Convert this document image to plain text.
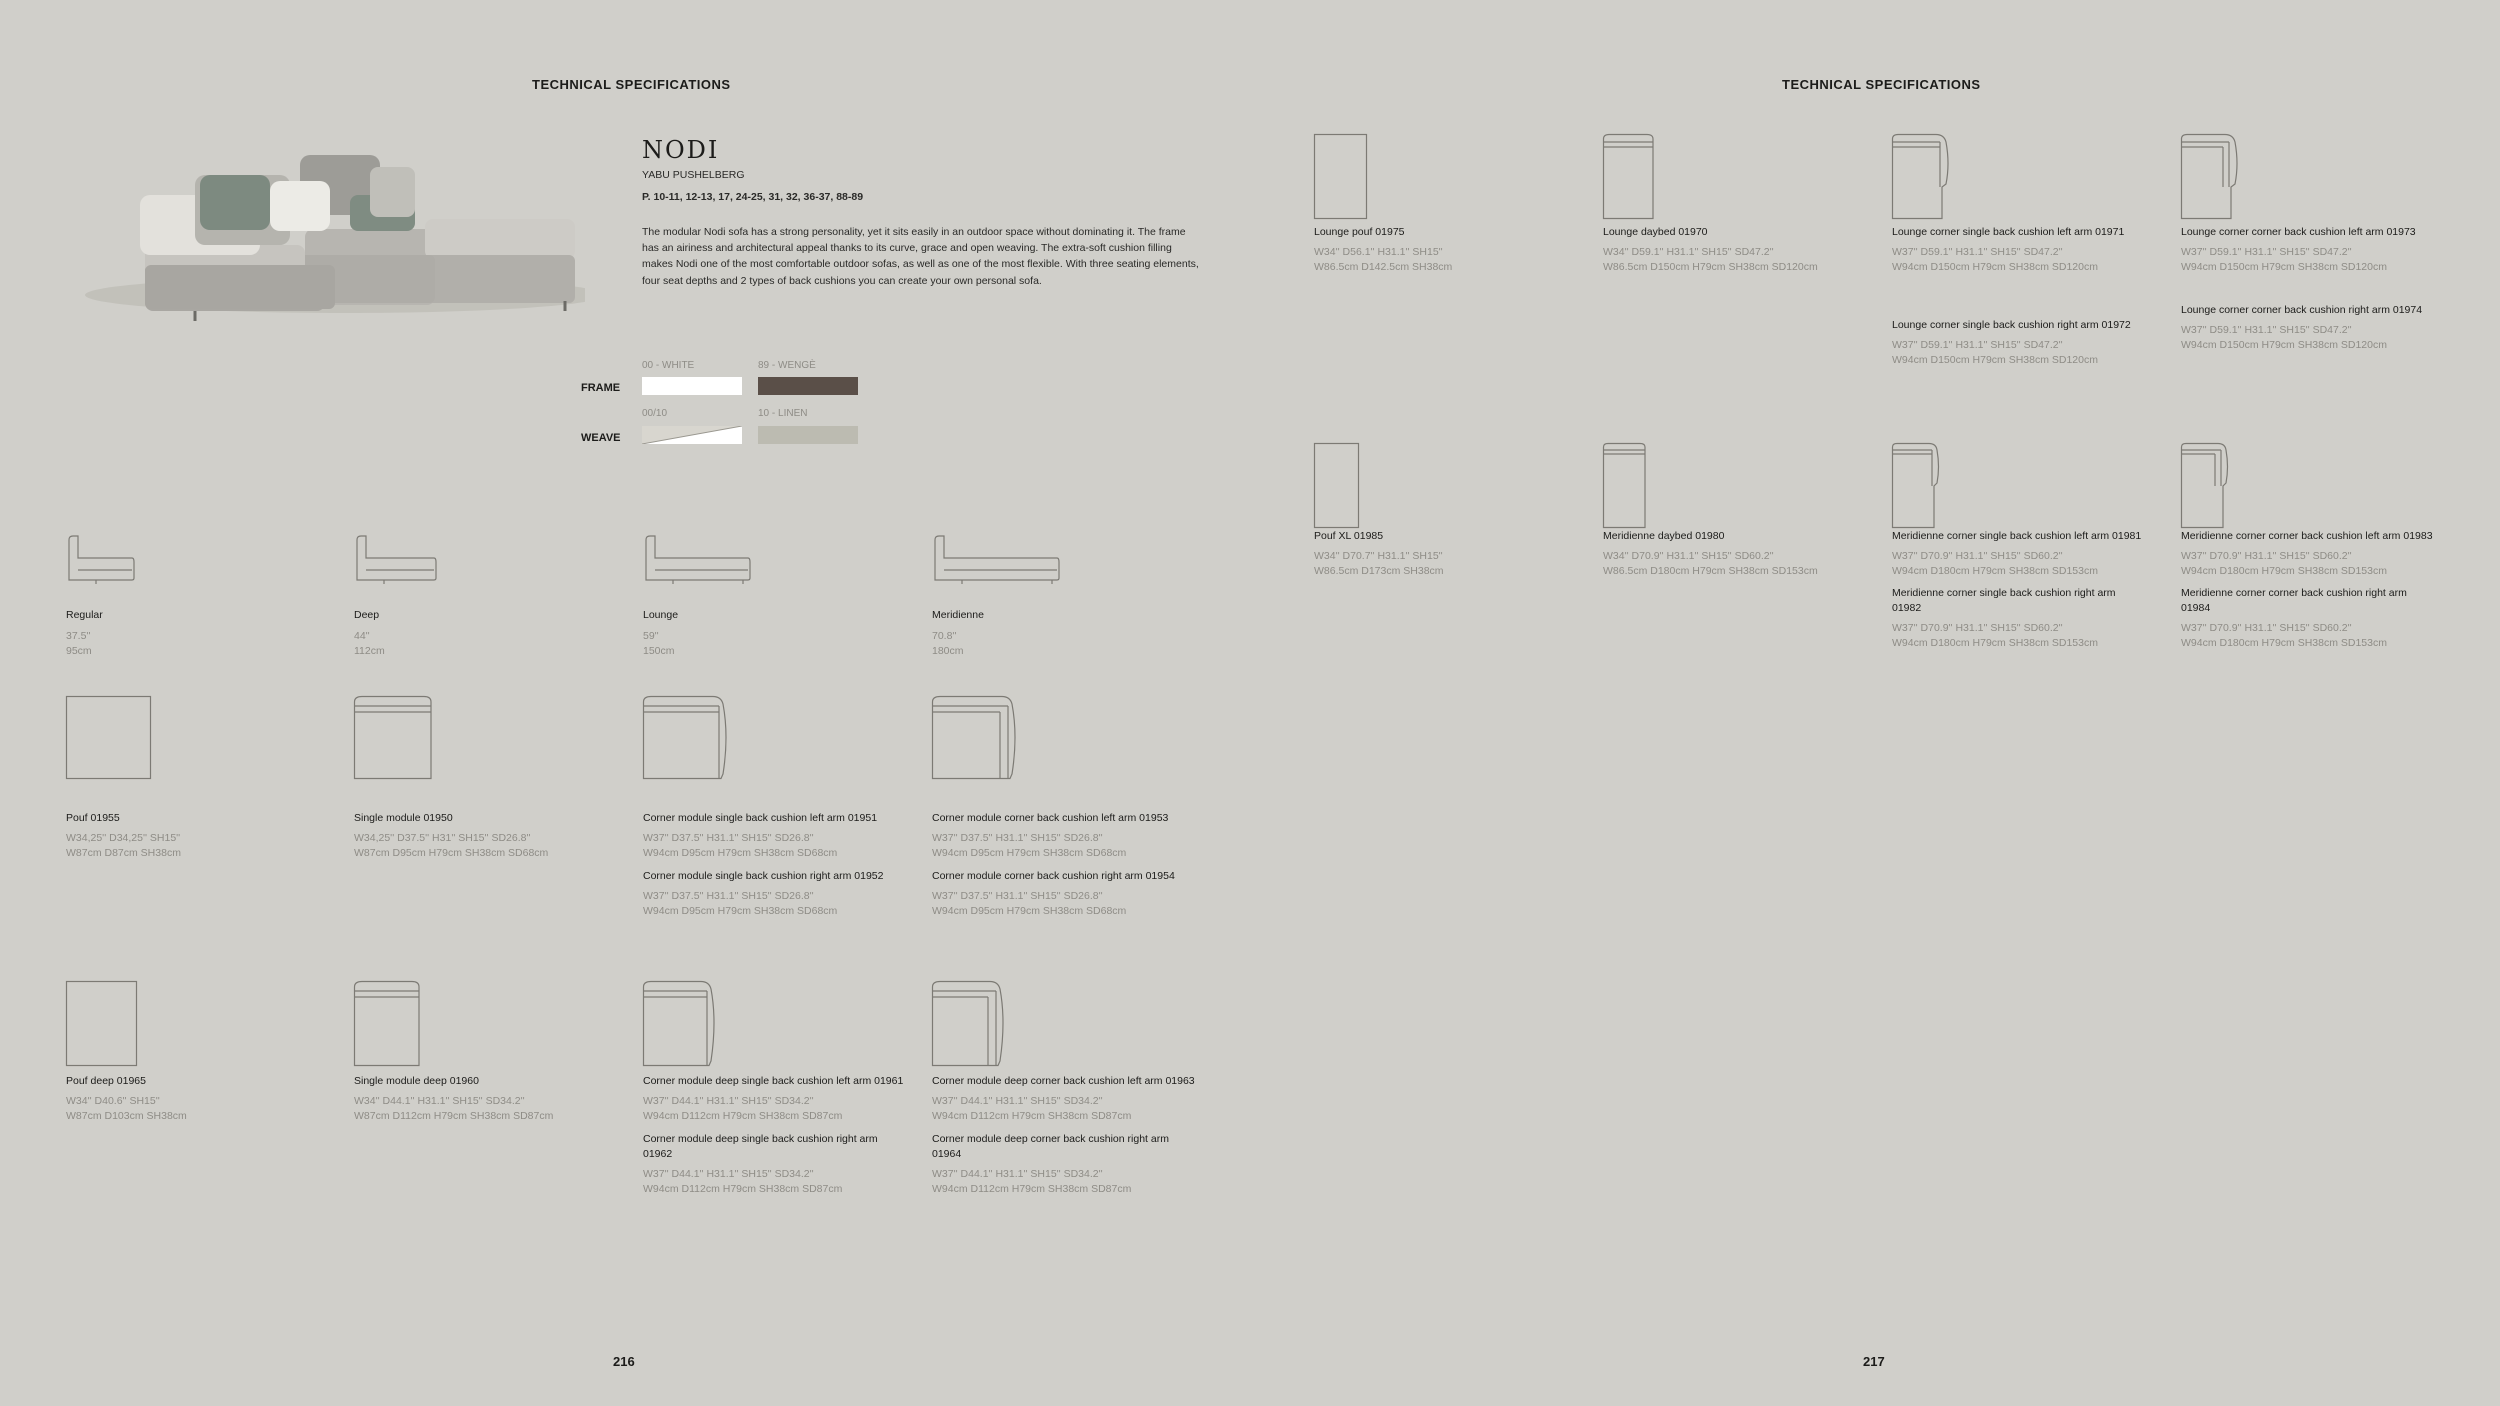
TECHNICAL SPECIFICATIONS
NODI
YABU PUSHELBERG
P. 10-11, 12-13, 17, 24-25, 31, 32, 36-37, 88-89
The modular Nodi sofa has a strong personality, yet it sits easily in an outdoor space without dominating it. The frame has an airiness and architectural appeal thanks to its curve, grace and open weaving. The extra-soft cushion filling makes Nodi one of the most comfortable outdoor sofas, as well as one of the most flexible. With three seating elements, four seat depths and 2 types of back cushions you can create your own personal sofa.
00 - WHITE	89 - WENGÈ
FRAME
00/10	10 - LINEN
WEAVE
Regular
37.5''
95cm
Deep
44''
112cm
Lounge
59''
150cm
Meridienne
70.8''
180cm
Pouf 01955
W34,25'' D34,25'' SH15''
W87cm D87cm SH38cm
Single module 01950
W34,25'' D37.5'' H31'' SH15'' SD26.8''
W87cm D95cm H79cm SH38cm SD68cm
Corner module single back cushion left arm 01951
W37'' D37.5'' H31.1'' SH15'' SD26.8''
W94cm D95cm H79cm SH38cm SD68cm
Corner module single back cushion right arm 01952
W37'' D37.5'' H31.1'' SH15'' SD26.8''
W94cm D95cm H79cm SH38cm SD68cm
Corner module corner back cushion left arm 01953
W37'' D37.5'' H31.1'' SH15'' SD26.8''
W94cm D95cm H79cm SH38cm SD68cm
Corner module corner back cushion right arm 01954
W37'' D37.5'' H31.1'' SH15'' SD26.8''
W94cm D95cm H79cm SH38cm SD68cm
Pouf deep 01965
W34'' D40.6'' SH15''
W87cm D103cm SH38cm
Single module deep 01960
W34'' D44.1'' H31.1'' SH15'' SD34.2''
W87cm D112cm H79cm SH38cm SD87cm
Corner module deep single back cushion left arm 01961
W37'' D44.1'' H31.1'' SH15'' SD34.2''
W94cm D112cm H79cm SH38cm SD87cm
Corner module deep single back cushion right arm 01962
W37'' D44.1'' H31.1'' SH15'' SD34.2''
W94cm D112cm H79cm SH38cm SD87cm
Corner module deep corner back cushion left arm 01963
W37'' D44.1'' H31.1'' SH15'' SD34.2''
W94cm D112cm H79cm SH38cm SD87cm
Corner module deep corner back cushion right arm 01964
W37'' D44.1'' H31.1'' SH15'' SD34.2''
W94cm D112cm H79cm SH38cm SD87cm
216
TECHNICAL SPECIFICATIONS
Lounge pouf 01975
W34'' D56.1'' H31.1'' SH15''
W86.5cm D142.5cm SH38cm
Lounge daybed 01970
W34'' D59.1'' H31.1'' SH15'' SD47.2''
W86.5cm D150cm H79cm SH38cm SD120cm
Lounge corner single back cushion left arm 01971
W37'' D59.1'' H31.1'' SH15'' SD47.2''
W94cm D150cm H79cm SH38cm SD120cm
Lounge corner single back cushion right arm 01972
W37'' D59.1'' H31.1'' SH15'' SD47.2''
W94cm D150cm H79cm SH38cm SD120cm
Lounge corner corner back cushion left arm 01973
W37'' D59.1'' H31.1'' SH15'' SD47.2''
W94cm D150cm H79cm SH38cm SD120cm
Lounge corner corner back cushion right arm 01974
W37'' D59.1'' H31.1'' SH15'' SD47.2''
W94cm D150cm H79cm SH38cm SD120cm
Pouf XL 01985
W34'' D70.7'' H31.1'' SH15''
W86.5cm D173cm SH38cm
Meridienne daybed 01980
W34'' D70.9'' H31.1'' SH15'' SD60.2''
W86.5cm D180cm H79cm SH38cm SD153cm
Meridienne corner single back cushion left arm 01981
W37'' D70.9'' H31.1'' SH15'' SD60.2''
W94cm D180cm H79cm SH38cm SD153cm
Meridienne corner single back cushion right arm 01982
W37'' D70.9'' H31.1'' SH15'' SD60.2''
W94cm D180cm H79cm SH38cm SD153cm
Meridienne corner corner back cushion left arm 01983
W37'' D70.9'' H31.1'' SH15'' SD60.2''
W94cm D180cm H79cm SH38cm SD153cm
Meridienne corner corner back cushion right arm 01984
W37'' D70.9'' H31.1'' SH15'' SD60.2''
W94cm D180cm H79cm SH38cm SD153cm
217
